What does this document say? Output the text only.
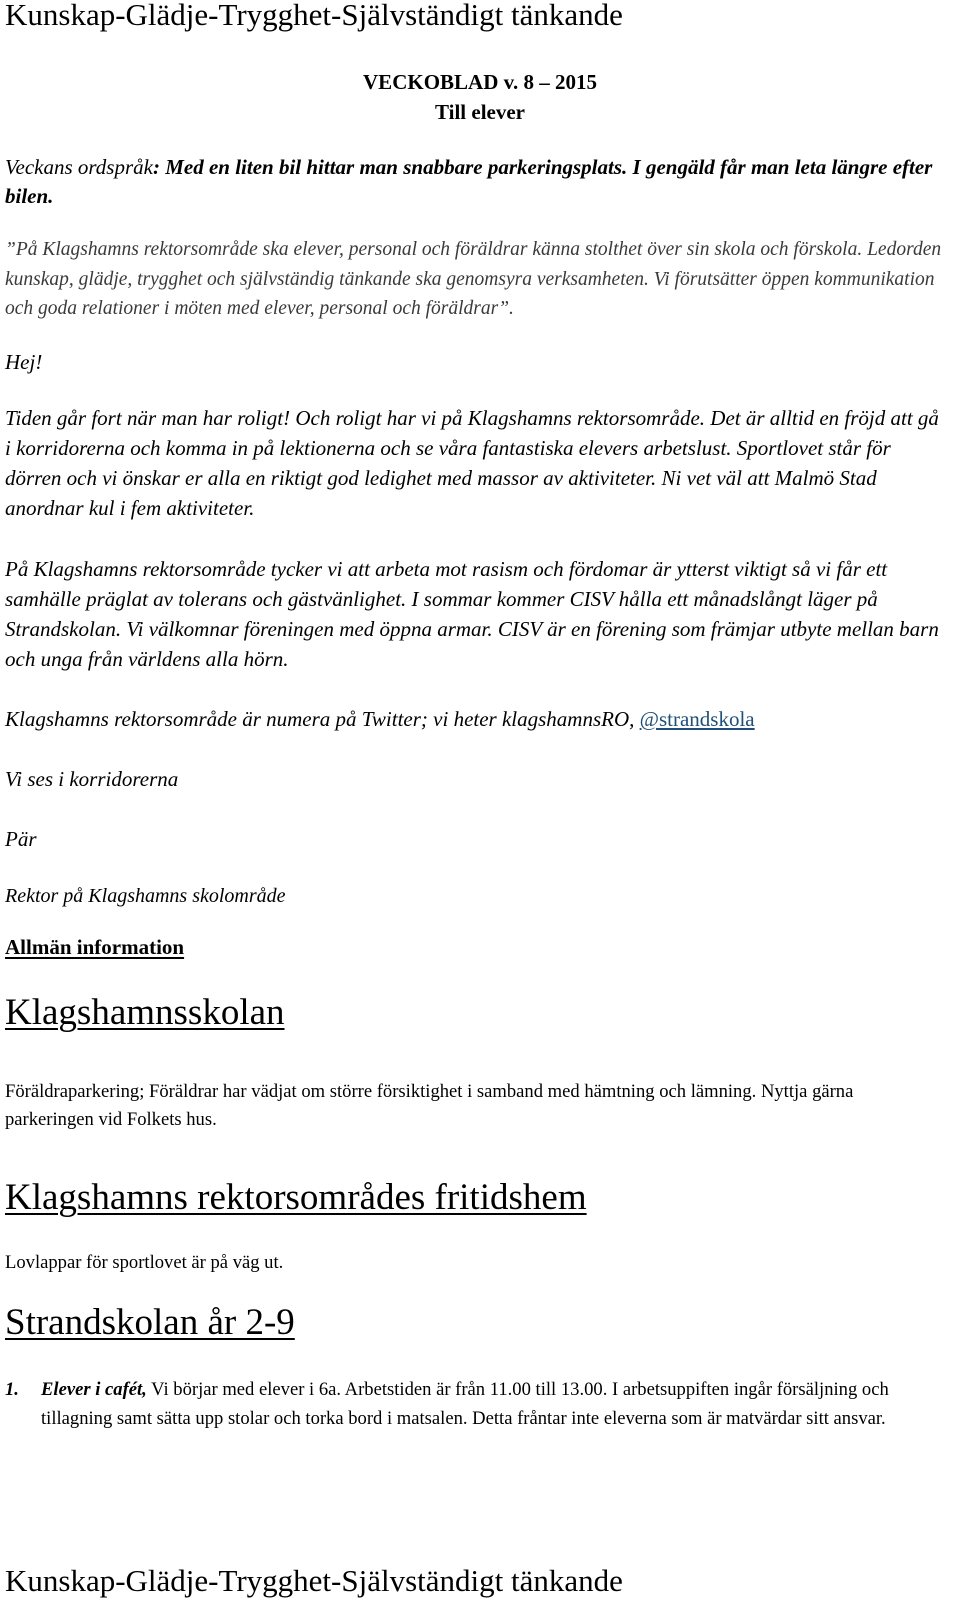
Kunskap-Glädje-Trygghet-Självständigt tänkande

VECKOBLAD v. 8 – 2015

Till elever

Veckans ordspråk: Med en liten bil hittar man snabbare parkeringsplats. I gengäld får man leta längre efter bilen.

”På Klagshamns rektorsområde ska elever, personal och föräldrar känna stolthet över sin skola och förskola. Ledorden kunskap, glädje, trygghet och självständig tänkande ska genomsyra verksamheten. Vi förutsätter öppen kommunikation och goda relationer i möten med elever, personal och föräldrar”.

Hej!

Tiden går fort när man har roligt! Och roligt har vi på Klagshamns rektorsområde. Det är alltid en fröjd att gå i korridorerna och komma in på lektionerna och se våra fantastiska elevers arbetslust. Sportlovet står för dörren och vi önskar er alla en riktigt god ledighet med massor av aktiviteter. Ni vet väl att Malmö Stad anordnar kul i fem aktiviteter.

På Klagshamns rektorsområde tycker vi att arbeta mot rasism och fördomar är ytterst viktigt så vi får ett samhälle präglat av tolerans och gästvänlighet. I sommar kommer CISV hålla ett månadslångt läger på Strandskolan. Vi välkomnar föreningen med öppna armar. CISV är en förening som främjar utbyte mellan barn och unga från världens alla hörn.

Klagshamns rektorsområde är numera på Twitter; vi heter klagshamnsRO, @strandskola

Vi ses i korridorerna

Pär

Rektor på Klagshamns skolområde

Allmän information

Klagshamnsskolan

Föräldraparkering; Föräldrar har vädjat om större försiktighet i samband med hämtning och lämning. Nyttja gärna parkeringen vid Folkets hus.

Klagshamns rektorsområdes fritidshem

Lovlappar för sportlovet är på väg ut.

Strandskolan år 2-9

1. Elever i cafét, Vi börjar med elever i 6a. Arbetstiden är från 11.00 till 13.00. I arbetsuppiften ingår försäljning och tillagning samt sätta upp stolar och torka bord i matsalen. Detta fråntar inte eleverna som är matvärdar sitt ansvar.

Kunskap-Glädje-Trygghet-Självständigt tänkande
